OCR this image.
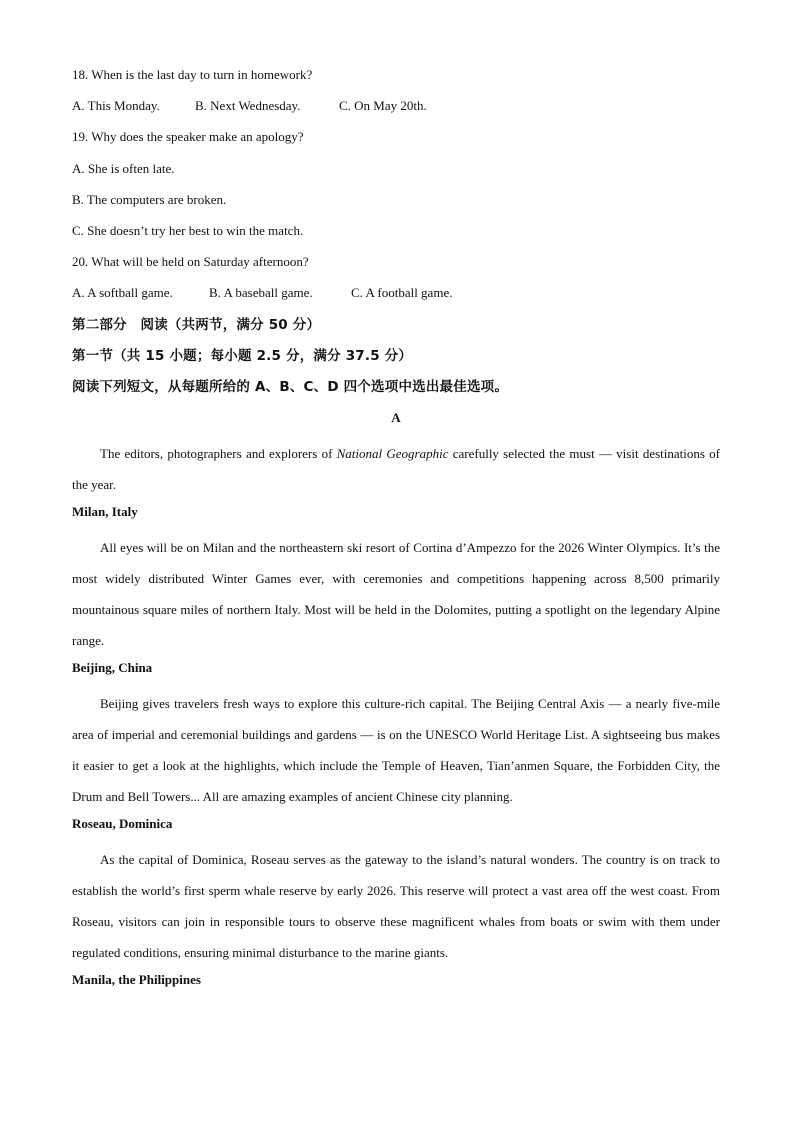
18. When is the last day to turn in homework?
A. This Monday.	B. Next Wednesday.	C. On May 20th.
19. Why does the speaker make an apology?
A. She is often late.
B. The computers are broken.
C. She doesn’t try her best to win the match.
20. What will be held on Saturday afternoon?
A. A softball game.	B. A baseball game.	C. A football game.
第二部分　阅读（共两节，满分 50 分）
第一节（共 15 小题；每小题 2.5 分，满分 37.5 分）
阅读下列短文，从每题所给的 A、B、C、D 四个选项中选出最佳选项。
A

The editors, photographers and explorers of National Geographic carefully selected the must — visit destinations of the year.

Milan, Italy

All eyes will be on Milan and the northeastern ski resort of Cortina d’Ampezzo for the 2026 Winter Olympics. It’s the most widely distributed Winter Games ever, with ceremonies and competitions happening across 8,500 primarily mountainous square miles of northern Italy. Most will be held in the Dolomites, putting a spotlight on the legendary Alpine range.

Beijing, China

Beijing gives travelers fresh ways to explore this culture-rich capital. The Beijing Central Axis — a nearly five-mile area of imperial and ceremonial buildings and gardens — is on the UNESCO World Heritage List. A sightseeing bus makes it easier to get a look at the highlights, which include the Temple of Heaven, Tian’anmen Square, the Forbidden City, the Drum and Bell Towers... All are amazing examples of ancient Chinese city planning.

Roseau, Dominica

As the capital of Dominica, Roseau serves as the gateway to the island’s natural wonders. The country is on track to establish the world’s first sperm whale reserve by early 2026. This reserve will protect a vast area off the west coast. From Roseau, visitors can join in responsible tours to observe these magnificent whales from boats or swim with them under regulated conditions, ensuring minimal disturbance to the marine giants.

Manila, the Philippines
